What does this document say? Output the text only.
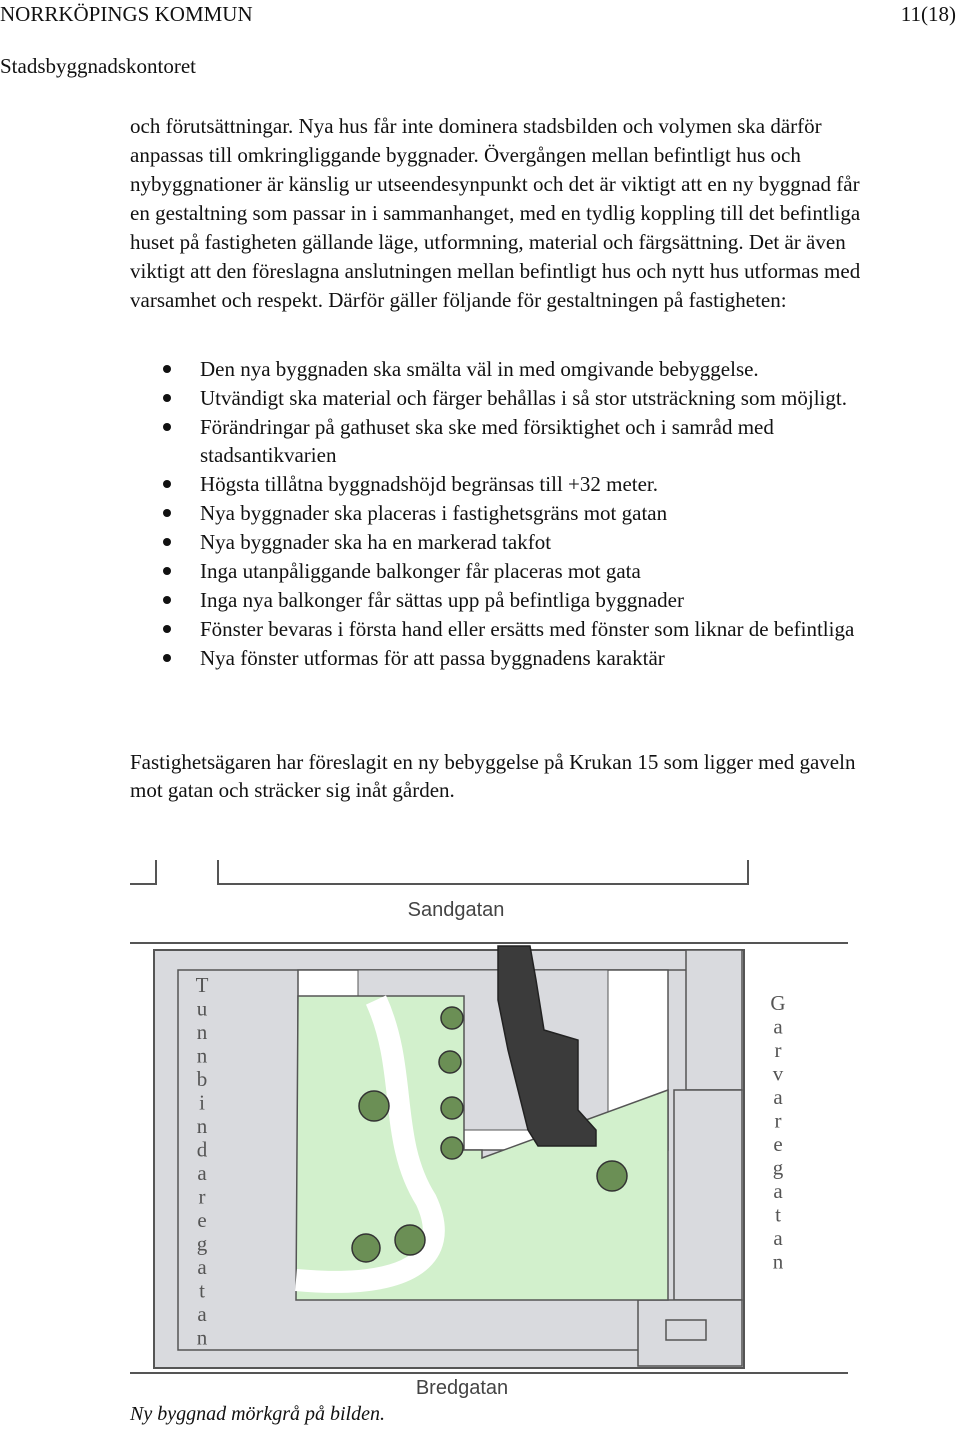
NORRKÖPINGS KOMMUN	11(18)
Stadsbyggnadskontoret

och förutsättningar. Nya hus får inte dominera stadsbilden och volymen ska därför anpassas till omkringliggande byggnader. Övergången mellan befintligt hus och nybyggnationer är känslig ur utseendesynpunkt och det är viktigt att en ny byggnad får en gestaltning som passar in i sammanhanget, med en tydlig koppling till det befintliga huset på fastigheten gällande läge, utformning, material och färgsättning. Det är även viktigt att den föreslagna anslutningen mellan befintligt hus och nytt hus utformas med varsamhet och respekt. Därför gäller följande för gestaltningen på fastigheten:

Den nya byggnaden ska smälta väl in med omgivande bebyggelse.
Utvändigt ska material och färger behållas i så stor utsträckning som möjligt.
Förändringar på gathuset ska ske med försiktighet och i samråd med stadsantikvarien
Högsta tillåtna byggnadshöjd begränsas till +32 meter.
Nya byggnader ska placeras i fastighetsgräns mot gatan
Nya byggnader ska ha en markerad takfot
Inga utanpåliggande balkonger får placeras mot gata
Inga nya balkonger får sättas upp på befintliga byggnader
Fönster bevaras i första hand eller ersätts med fönster som liknar de befintliga
Nya fönster utformas för att passa byggnadens karaktär

Fastighetsägaren har föreslagit en ny bebyggelse på Krukan 15 som ligger med gaveln mot gatan och sträcker sig inåt gården.

Sandgatan
Bredgatan
T u n n b i n d a r e g a t a n
G a r v a r e g a t a n
Ny byggnad mörkgrå på bilden.
